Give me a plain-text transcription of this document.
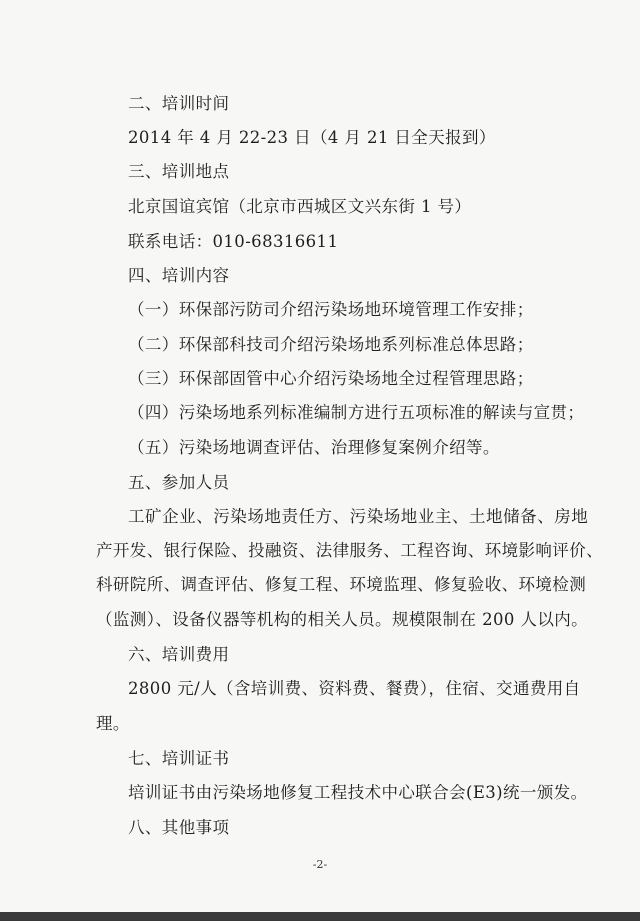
二、培训时间
2014 年 4 月 22-23 日（4 月 21 日全天报到）
三、培训地点
北京国谊宾馆（北京市西城区文兴东街 1 号）
联系电话：010-68316611
四、培训内容
（一）环保部污防司介绍污染场地环境管理工作安排；
（二）环保部科技司介绍污染场地系列标准总体思路；
（三）环保部固管中心介绍污染场地全过程管理思路；
（四）污染场地系列标准编制方进行五项标准的解读与宣贯；
（五）污染场地调查评估、治理修复案例介绍等。
五、参加人员
工矿企业、污染场地责任方、污染场地业主、土地储备、房地
产开发、银行保险、投融资、法律服务、工程咨询、环境影响评价、
科研院所、调查评估、修复工程、环境监理、修复验收、环境检测
（监测）、设备仪器等机构的相关人员。规模限制在 200 人以内。
六、培训费用
2800 元/人（含培训费、资料费、餐费），住宿、交通费用自
理。
七、培训证书
培训证书由污染场地修复工程技术中心联合会(E3)统一颁发。
八、其他事项
-2-
